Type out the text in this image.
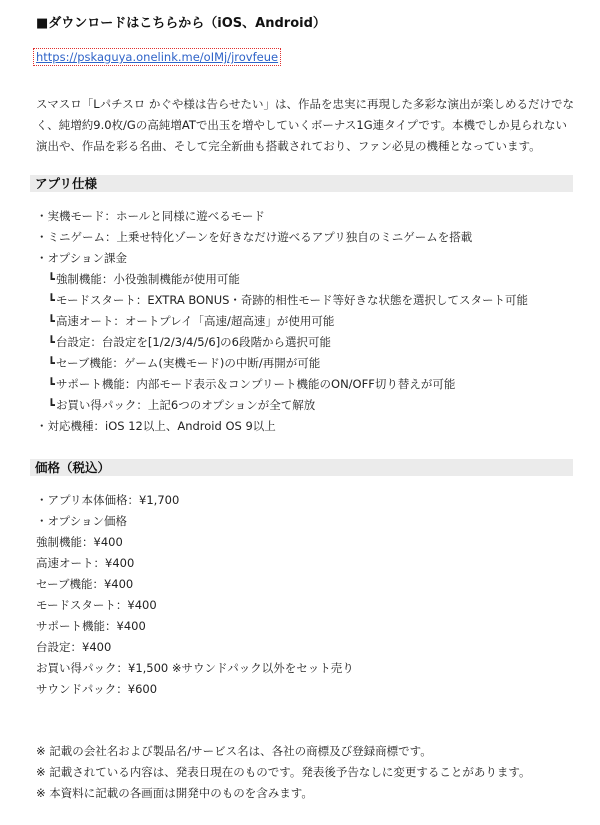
■ダウンロードはこちらから（iOS、Android）
https://pskaguya.onelink.me/oIMj/jrovfeue
スマスロ「Lパチスロ かぐや様は告らせたい」は、作品を忠実に再現した多彩な演出が楽しめるだけでなく、純増約9.0枚/Gの高純増ATで出玉を増やしていくボーナス1G連タイプです。本機でしか見られない演出や、作品を彩る名曲、そして完全新曲も搭載されており、ファン必見の機種となっています。
アプリ仕様
・実機モード：ホールと同様に遊べるモード
・ミニゲーム：上乗せ特化ゾーンを好きなだけ遊べるアプリ独自のミニゲームを搭載
・オプション課金
┗強制機能：小役強制機能が使用可能
┗モードスタート：EXTRA BONUS・奇跡的相性モード等好きな状態を選択してスタート可能
┗高速オート：オートプレイ「高速/超高速」が使用可能
┗台設定：台設定を[1/2/3/4/5/6]の6段階から選択可能
┗セーブ機能：ゲーム(実機モード)の中断/再開が可能
┗サポート機能：内部モード表示＆コンプリート機能のON/OFF切り替えが可能
┗お買い得パック：上記6つのオプションが全て解放
・対応機種：iOS 12以上、Android OS 9以上
価格（税込）
・アプリ本体価格：¥1,700
・オプション価格
強制機能：¥400
高速オート：¥400
セーブ機能：¥400
モードスタート：¥400
サポート機能：¥400
台設定：¥400
お買い得パック：¥1,500 ※サウンドパック以外をセット売り
サウンドパック：¥600
※ 記載の会社名および製品名/サービス名は、各社の商標及び登録商標です。
※ 記載されている内容は、発表日現在のものです。発表後予告なしに変更することがあります。
※ 本資料に記載の各画面は開発中のものを含みます。
